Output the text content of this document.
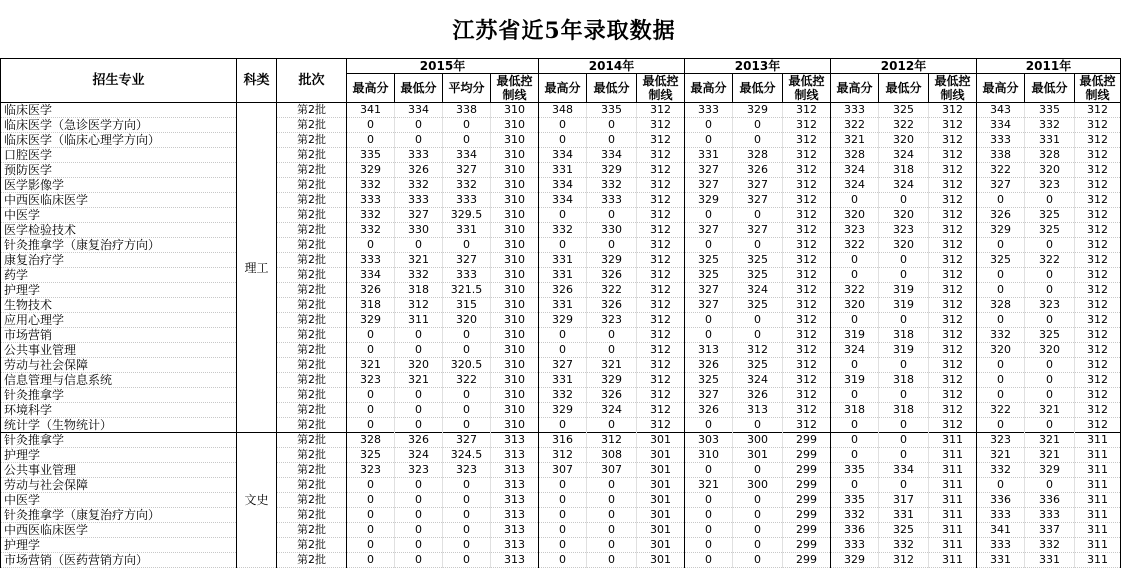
江苏省近5年录取数据
招生专业	科类	批次	2015年				2014年			2013年			2012年			2011年		
			最高分	最低分	平均分	最低控制线	最高分	最低分	最低控制线	最高分	最低分	最低控制线	最高分	最低分	最低控制线	最高分	最低分	最低控制线
临床医学	理工	第2批	341	334	338	310	348	335	312	333	329	312	333	325	312	343	335	312
临床医学（急诊医学方向）		第2批	0	0	0	310	0	0	312	0	0	312	322	322	312	334	332	312
临床医学（临床心理学方向）		第2批	0	0	0	310	0	0	312	0	0	312	321	320	312	333	331	312
口腔医学		第2批	335	333	334	310	334	334	312	331	328	312	328	324	312	338	328	312
预防医学		第2批	329	326	327	310	331	329	312	327	326	312	324	318	312	322	320	312
医学影像学		第2批	332	332	332	310	334	332	312	327	327	312	324	324	312	327	323	312
中西医临床医学		第2批	333	333	333	310	334	333	312	329	327	312	0	0	312	0	0	312
中医学		第2批	332	327	329.5	310	0	0	312	0	0	312	320	320	312	326	325	312
医学检验技术		第2批	332	330	331	310	332	330	312	327	327	312	323	323	312	329	325	312
针灸推拿学（康复治疗方向）		第2批	0	0	0	310	0	0	312	0	0	312	322	320	312	0	0	312
康复治疗学		第2批	333	321	327	310	331	329	312	325	325	312	0	0	312	325	322	312
药学		第2批	334	332	333	310	331	326	312	325	325	312	0	0	312	0	0	312
护理学		第2批	326	318	321.5	310	326	322	312	327	324	312	322	319	312	0	0	312
生物技术		第2批	318	312	315	310	331	326	312	327	325	312	320	319	312	328	323	312
应用心理学		第2批	329	311	320	310	329	323	312	0	0	312	0	0	312	0	0	312
市场营销		第2批	0	0	0	310	0	0	312	0	0	312	319	318	312	332	325	312
公共事业管理		第2批	0	0	0	310	0	0	312	313	312	312	324	319	312	320	320	312
劳动与社会保障		第2批	321	320	320.5	310	327	321	312	326	325	312	0	0	312	0	0	312
信息管理与信息系统		第2批	323	321	322	310	331	329	312	325	324	312	319	318	312	0	0	312
针灸推拿学		第2批	0	0	0	310	332	326	312	327	326	312	0	0	312	0	0	312
环境科学		第2批	0	0	0	310	329	324	312	326	313	312	318	318	312	322	321	312
统计学（生物统计）		第2批	0	0	0	310	0	0	312	0	0	312	0	0	312	0	0	312
针灸推拿学	文史	第2批	328	326	327	313	316	312	301	303	300	299	0	0	311	323	321	311
护理学		第2批	325	324	324.5	313	312	308	301	310	301	299	0	0	311	321	321	311
公共事业管理		第2批	323	323	323	313	307	307	301	0	0	299	335	334	311	332	329	311
劳动与社会保障		第2批	0	0	0	313	0	0	301	321	300	299	0	0	311	0	0	311
中医学		第2批	0	0	0	313	0	0	301	0	0	299	335	317	311	336	336	311
针灸推拿学（康复治疗方向）		第2批	0	0	0	313	0	0	301	0	0	299	332	331	311	333	333	311
中西医临床医学		第2批	0	0	0	313	0	0	301	0	0	299	336	325	311	341	337	311
护理学		第2批	0	0	0	313	0	0	301	0	0	299	333	332	311	333	332	311
市场营销（医药营销方向）		第2批	0	0	0	313	0	0	301	0	0	299	329	312	311	331	331	311
